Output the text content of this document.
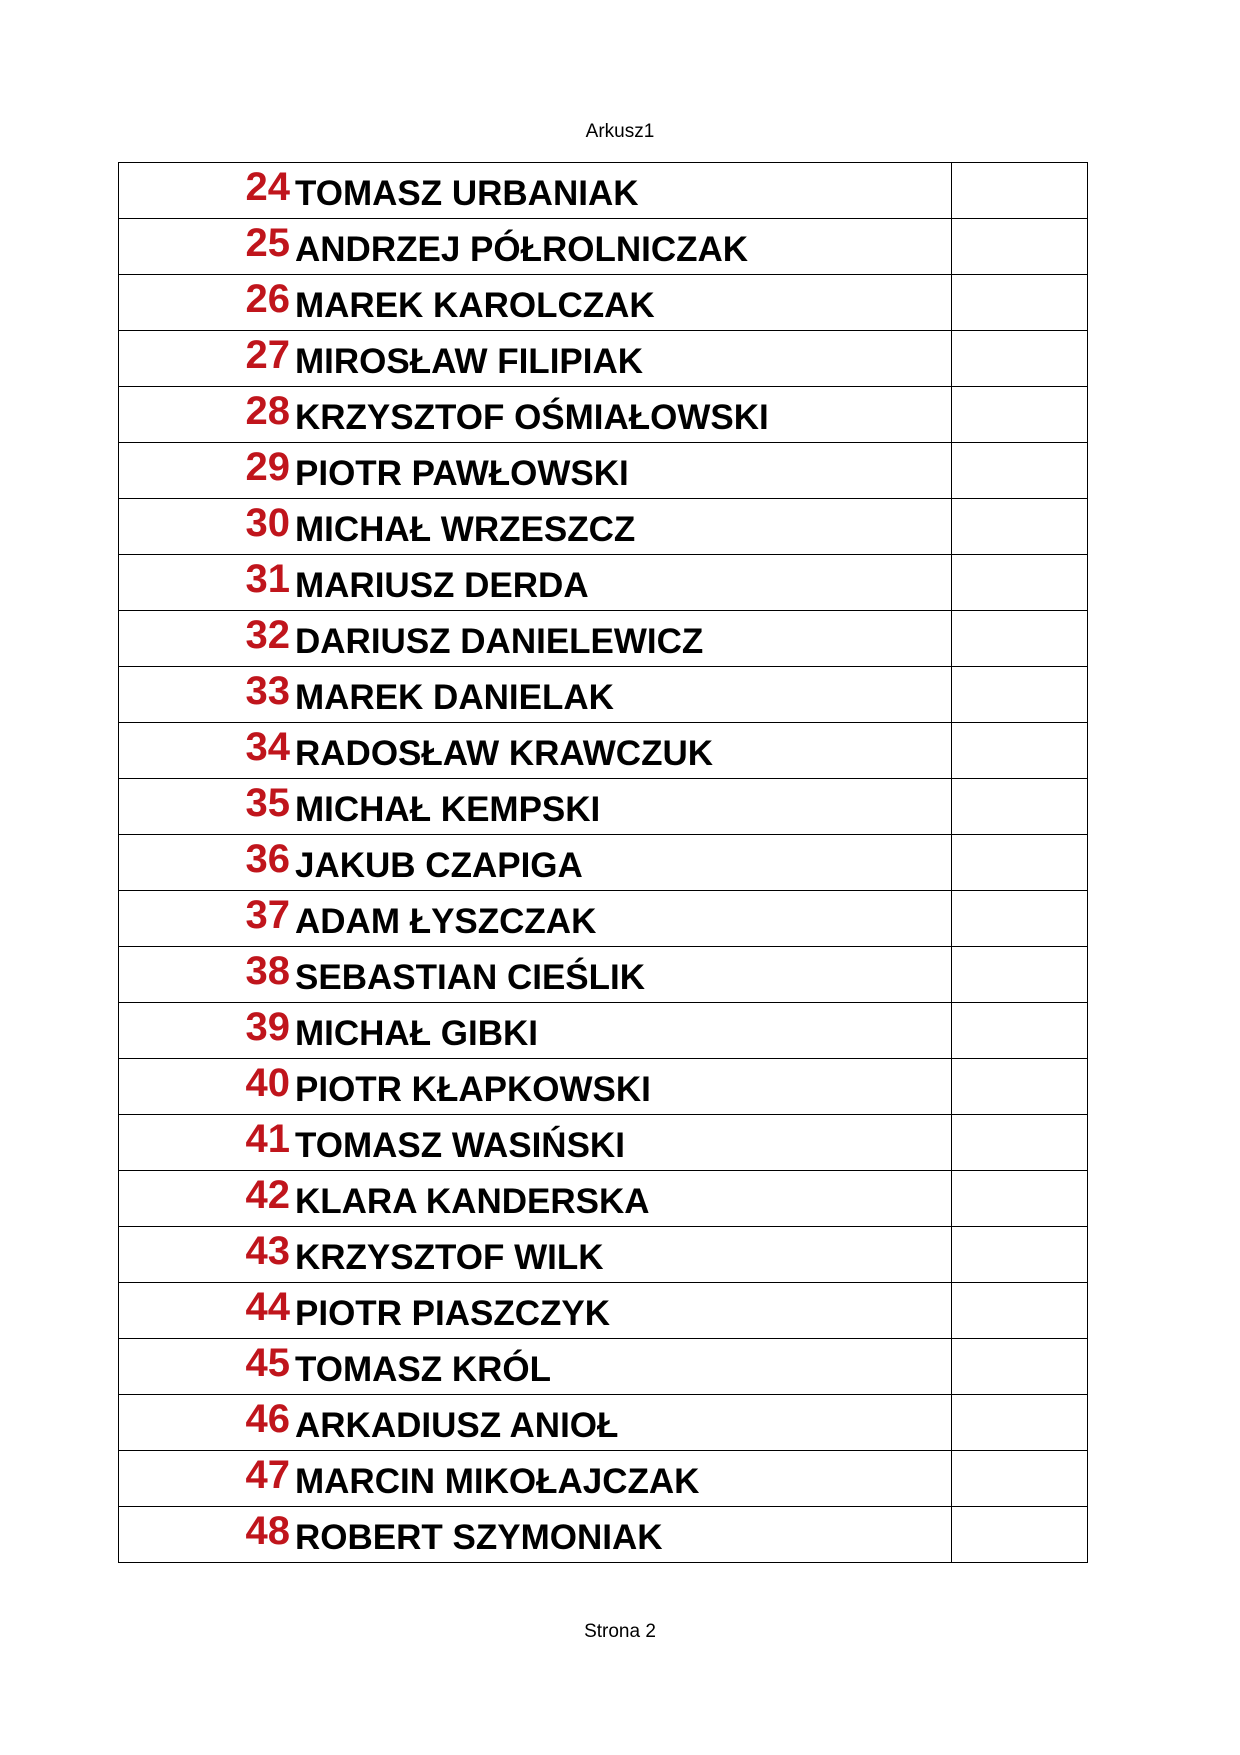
Arkusz1
24 TOMASZ URBANIAK
25 ANDRZEJ PÓŁROLNICZAK
26 MAREK KAROLCZAK
27 MIROSŁAW FILIPIAK
28 KRZYSZTOF OŚMIAŁOWSKI
29 PIOTR PAWŁOWSKI
30 MICHAŁ WRZESZCZ
31 MARIUSZ DERDA
32 DARIUSZ DANIELEWICZ
33 MAREK DANIELAK
34 RADOSŁAW KRAWCZUK
35 MICHAŁ KEMPSKI
36 JAKUB CZAPIGA
37 ADAM ŁYSZCZAK
38 SEBASTIAN CIEŚLIK
39 MICHAŁ GIBKI
40 PIOTR KŁAPKOWSKI
41 TOMASZ WASIŃSKI
42 KLARA KANDERSKA
43 KRZYSZTOF WILK
44 PIOTR PIASZCZYK
45 TOMASZ KRÓL
46 ARKADIUSZ ANIOŁ
47 MARCIN MIKOŁAJCZAK
48 ROBERT SZYMONIAK
Strona 2
